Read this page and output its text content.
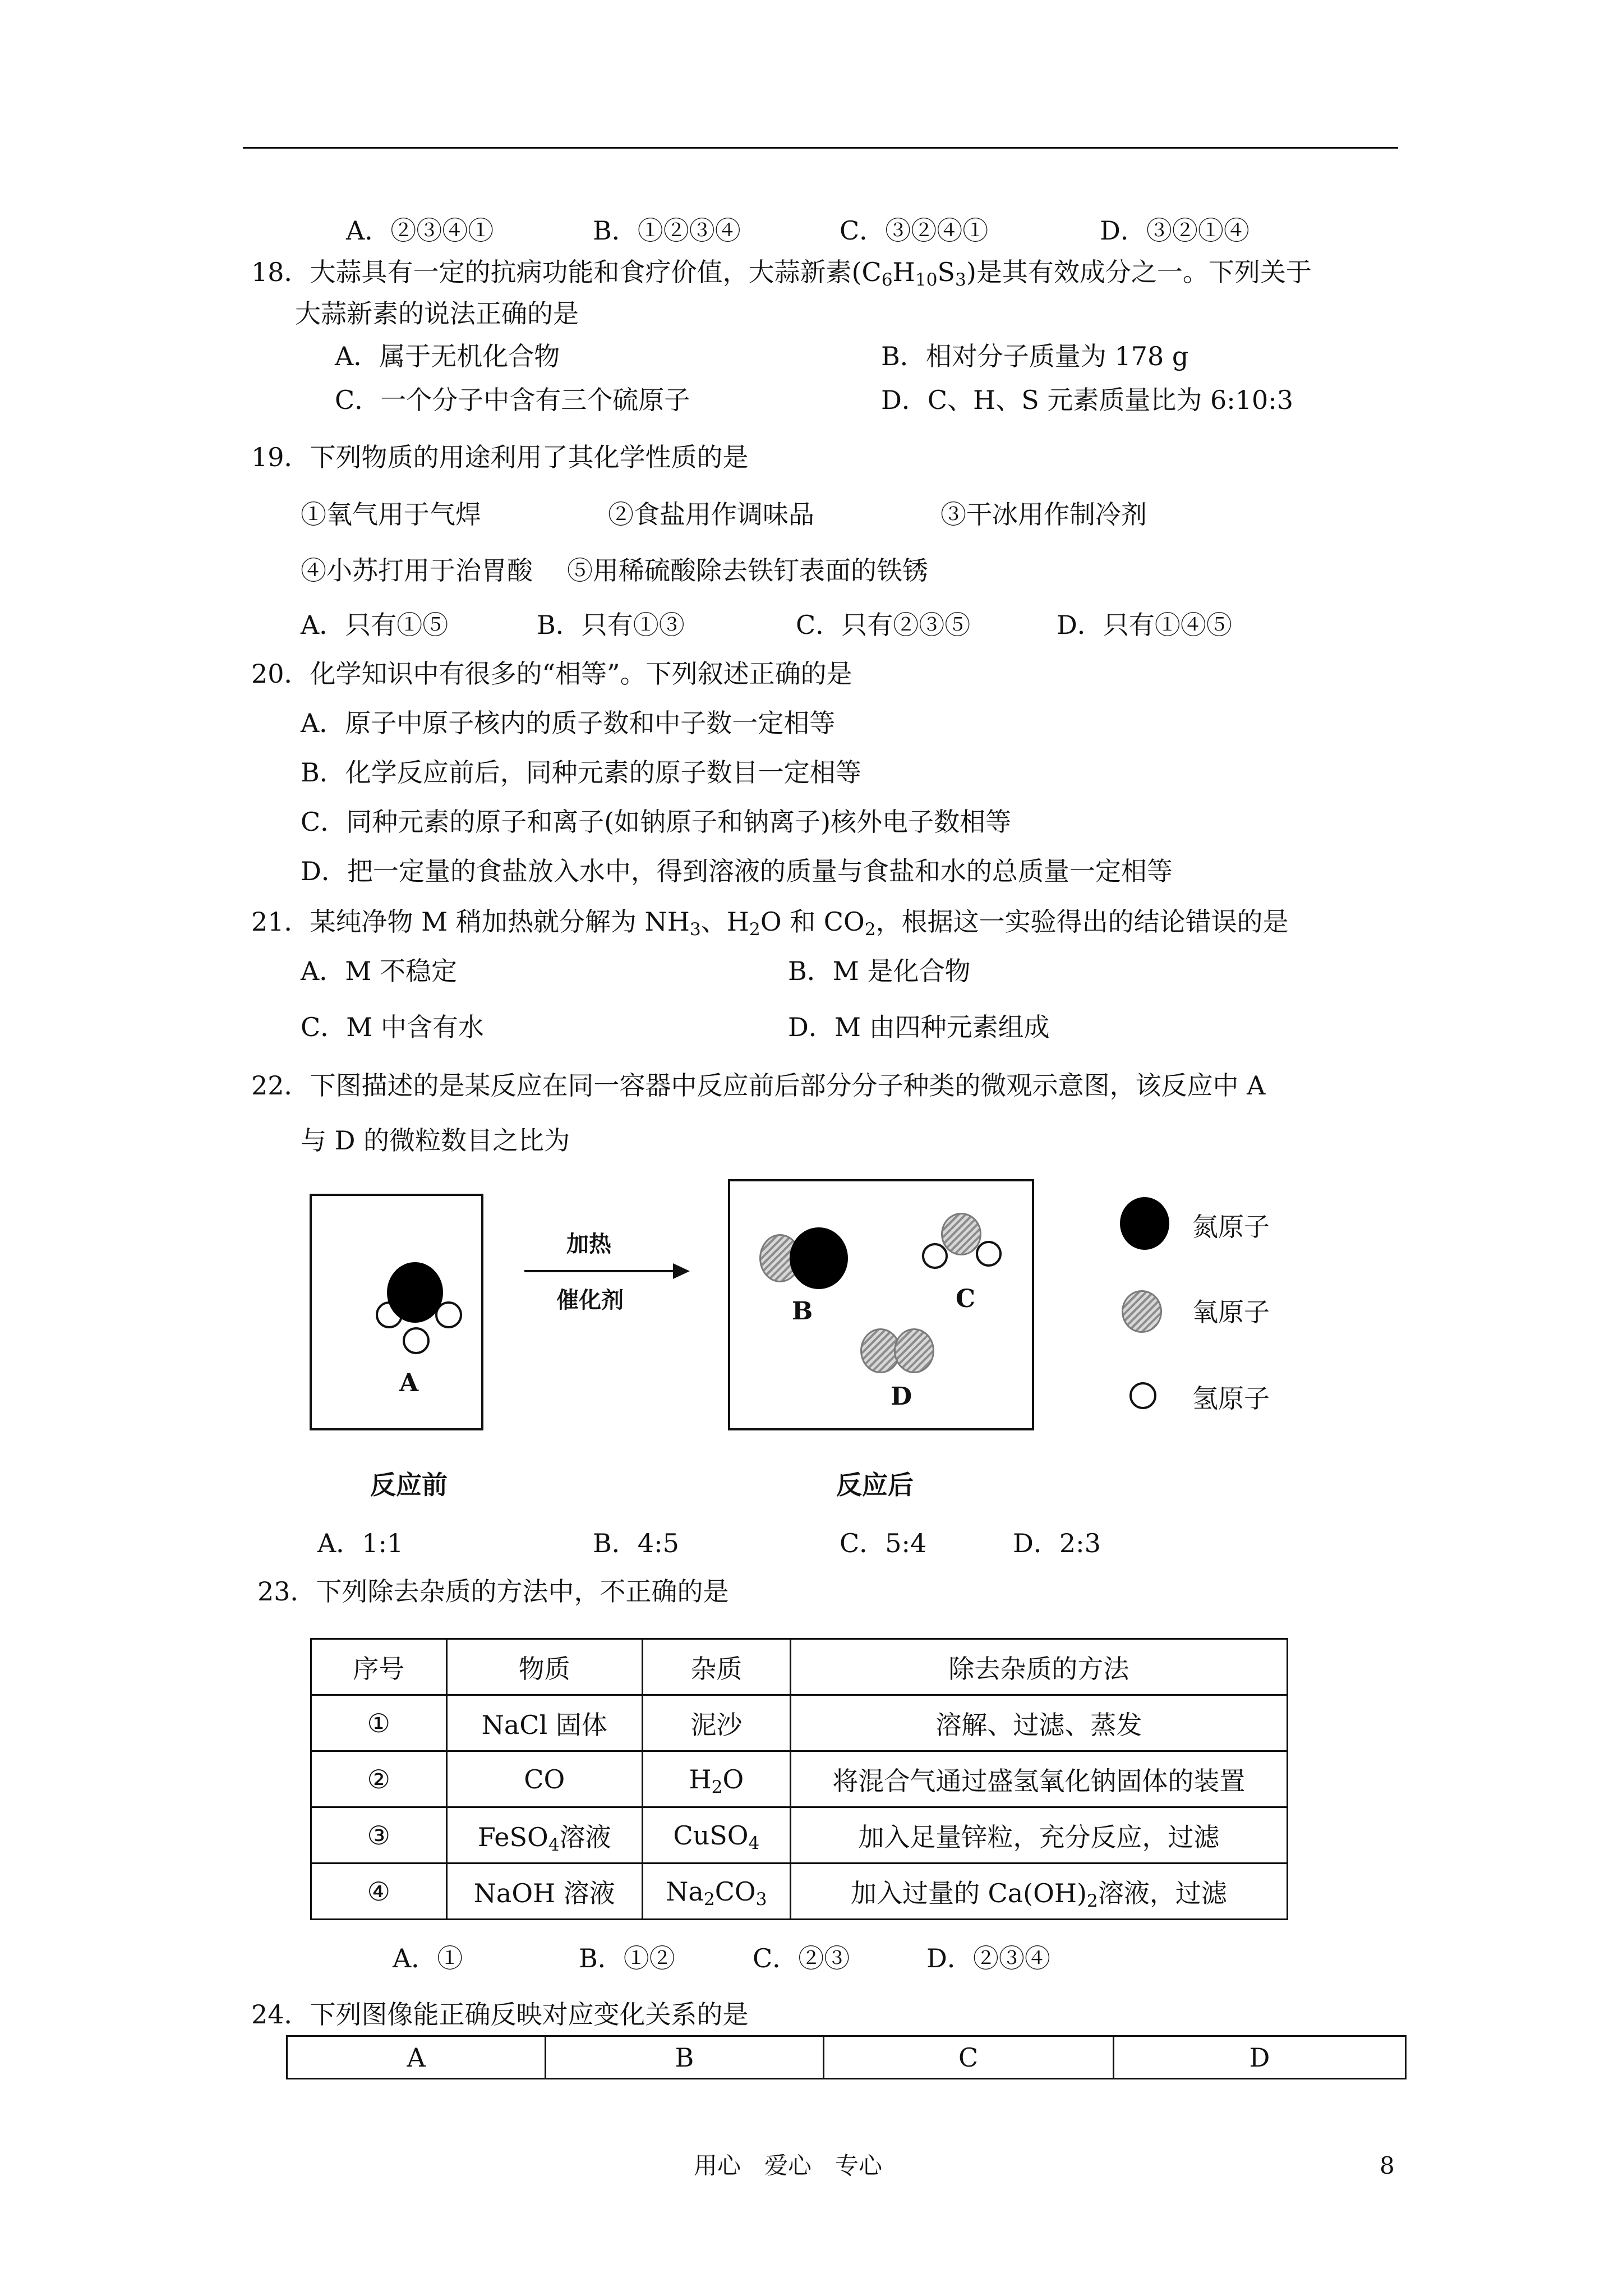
A．②③④①	B．①②③④	C．③②④①	D．③②①④
18．大蒜具有一定的抗病功能和食疗价值，大蒜新素$(C_6H_{10}S_3)$是其有效成分之一。下列关于
大蒜新素的说法正确的是
A．属于无机化合物	B．相对分子质量为 178 g
C．一个分子中含有三个硫原子	D．C、H、S 元素质量比为 6:10:3
19．下列物质的用途利用了其化学性质的是
①氧气用于气焊	②食盐用作调味品	③干冰用作制冷剂
④小苏打用于治胃酸 ⑤用稀硫酸除去铁钉表面的铁锈
A．只有①⑤	B．只有①③	C．只有②③⑤	D．只有①④⑤
20．化学知识中有很多的“相等”。下列叙述正确的是
A．原子中原子核内的质子数和中子数一定相等
B．化学反应前后，同种元素的原子数目一定相等
C．同种元素的原子和离子(如钠原子和钠离子)核外电子数相等
D．把一定量的食盐放入水中，得到溶液的质量与食盐和水的总质量一定相等
21．某纯净物 M 稍加热就分解为 $NH_3$、$H_2O$ 和 $CO_2$，根据这一实验得出的结论错误的是
A．M 不稳定	B．M 是化合物
C．M 中含有水	D．M 由四种元素组成
22．下图描述的是某反应在同一容器中反应前后部分分子种类的微观示意图，该反应中 A
与 D 的微粒数目之比为
A
加热
催化剂	B	C
D
氮原子
氧原子
氢原子
反应前	反应后
A．1:1	B．4:5	C．5:4	D．2:3
23．下列除去杂质的方法中，不正确的是
序号	物质	杂质	除去杂质的方法
①	NaCl 固体	泥沙	溶解、过滤、蒸发
②	CO	$H_2O$	将混合气通过盛氢氧化钠固体的装置
③	FeSO$_4$溶液	CuSO$_4$	加入足量锌粒，充分反应，过滤
④	NaOH 溶液	$Na_2CO_3$	加入过量的 $Ca(OH)_2$溶液，过滤
A．①	B．①②	C．②③	D．②③④
24．下列图像能正确反映对应变化关系的是
A	B	C	D
用心　爱心　专心	8
